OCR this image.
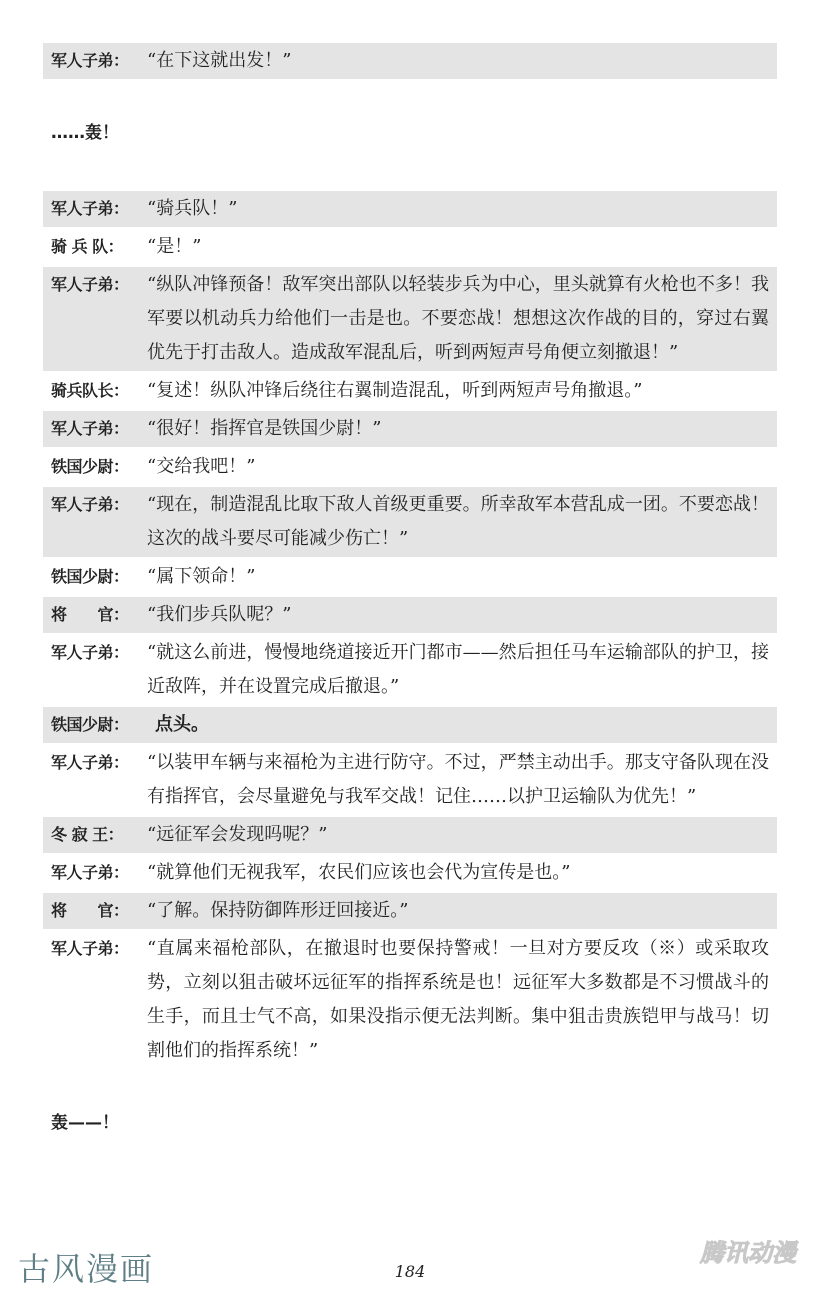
军人子弟：	“在下这就出发！”
……轰！
军人子弟：	“骑兵队！”
骑 兵 队：	“是！”
军人子弟：	“纵队冲锋预备！敌军突出部队以轻装步兵为中心，里头就算有火枪也不多！我军要以机动兵力给他们一击是也。不要恋战！想想这次作战的目的，穿过右翼优先于打击敌人。造成敌军混乱后，听到两短声号角便立刻撤退！”
骑兵队长：	“复述！纵队冲锋后绕往右翼制造混乱，听到两短声号角撤退。”
军人子弟：	“很好！指挥官是铁国少尉！”
铁国少尉：	“交给我吧！”
军人子弟：	“现在，制造混乱比取下敌人首级更重要。所幸敌军本营乱成一团。不要恋战！这次的战斗要尽可能减少伤亡！”
铁国少尉：	“属下领命！”
将　　官：	“我们步兵队呢？”
军人子弟：	“就这么前进，慢慢地绕道接近开门都市——然后担任马车运输部队的护卫，接近敌阵，并在设置完成后撤退。”
铁国少尉：	点头。
军人子弟：	“以装甲车辆与来福枪为主进行防守。不过，严禁主动出手。那支守备队现在没有指挥官，会尽量避免与我军交战！记住……以护卫运输队为优先！”
冬 寂 王：	“远征军会发现吗呢？”
军人子弟：	“就算他们无视我军，农民们应该也会代为宣传是也。”
将　　官：	“了解。保持防御阵形迂回接近。”
军人子弟：	“直属来福枪部队，在撤退时也要保持警戒！一旦对方要反攻（※）或采取攻势，立刻以狙击破坏远征军的指挥系统是也！远征军大多数都是不习惯战斗的生手，而且士气不高，如果没指示便无法判断。集中狙击贵族铠甲与战马！切割他们的指挥系统！”
轰——！
古风漫画	184
腾讯动漫
